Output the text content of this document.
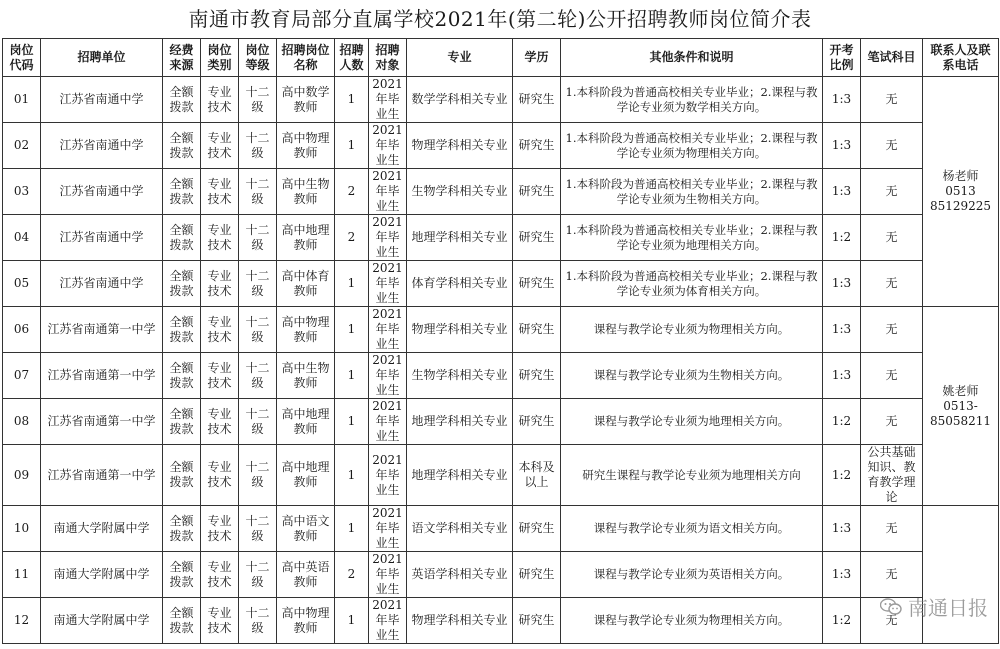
南通市教育局部分直属学校2021年(第二轮)公开招聘教师岗位简介表
岗位代码	招聘单位	经费来源	岗位类别	岗位等级	招聘岗位名称	招聘人数	招聘对象	专业	学历	其他条件和说明	开考比例	笔试科目	联系人及联系电话
01	江苏省南通中学	全额拨款	专业技术	十二级	高中数学教师	1	2021年毕业生	数学学科相关专业	研究生	1.本科阶段为普通高校相关专业毕业；2.课程与教学论专业须为数学相关方向。	1:3	无	杨老师
0513
85129225

02	江苏省南通中学	全额拨款	专业技术	十二级	高中物理教师	1	2021年毕业生	物理学科相关专业	研究生	1.本科阶段为普通高校相关专业毕业；2.课程与教学论专业须为物理相关方向。	1:3	无	
03	江苏省南通中学	全额拨款	专业技术	十二级	高中生物教师	2	2021年毕业生	生物学科相关专业	研究生	1.本科阶段为普通高校相关专业毕业；2.课程与教学论专业须为生物相关方向。	1:3	无	
04	江苏省南通中学	全额拨款	专业技术	十二级	高中地理教师	2	2021年毕业生	地理学科相关专业	研究生	1.本科阶段为普通高校相关专业毕业；2.课程与教学论专业须为地理相关方向。	1:2	无	
05	江苏省南通中学	全额拨款	专业技术	十二级	高中体育教师	1	2021年毕业生	体育学科相关专业	研究生	1.本科阶段为普通高校相关专业毕业；2.课程与教学论专业须为体育相关方向。	1:3	无	
06	江苏省南通第一中学	全额拨款	专业技术	十二级	高中物理教师	1	2021年毕业生	物理学科相关专业	研究生	课程与教学论专业须为物理相关方向。	1:3	无	姚老师
0513-
85058211

07	江苏省南通第一中学	全额拨款	专业技术	十二级	高中生物教师	1	2021年毕业生	生物学科相关专业	研究生	课程与教学论专业须为生物相关方向。	1:3	无	
08	江苏省南通第一中学	全额拨款	专业技术	十二级	高中地理教师	1	2021年毕业生	地理学科相关专业	研究生	课程与教学论专业须为地理相关方向。	1:2	无	
09	江苏省南通第一中学	全额拨款	专业技术	十二级	高中地理教师	1	2021年毕业生	地理学科相关专业	本科及以上	研究生课程与教学论专业须为地理相关方向	1:2	公共基础知识、教育教学理论	
10	南通大学附属中学	全额拨款	专业技术	十二级	高中语文教师	1	2021年毕业生	语文学科相关专业	研究生	课程与教学论专业须为语文相关方向。	1:3	无	
11	南通大学附属中学	全额拨款	专业技术	十二级	高中英语教师	2	2021年毕业生	英语学科相关专业	研究生	课程与教学论专业须为英语相关方向。	1:3	无	
12	南通大学附属中学	全额拨款	专业技术	十二级	高中物理教师	1	2021年毕业生	物理学科相关专业	研究生	课程与教学论专业须为物理相关方向。	1:2	无	南通日报
